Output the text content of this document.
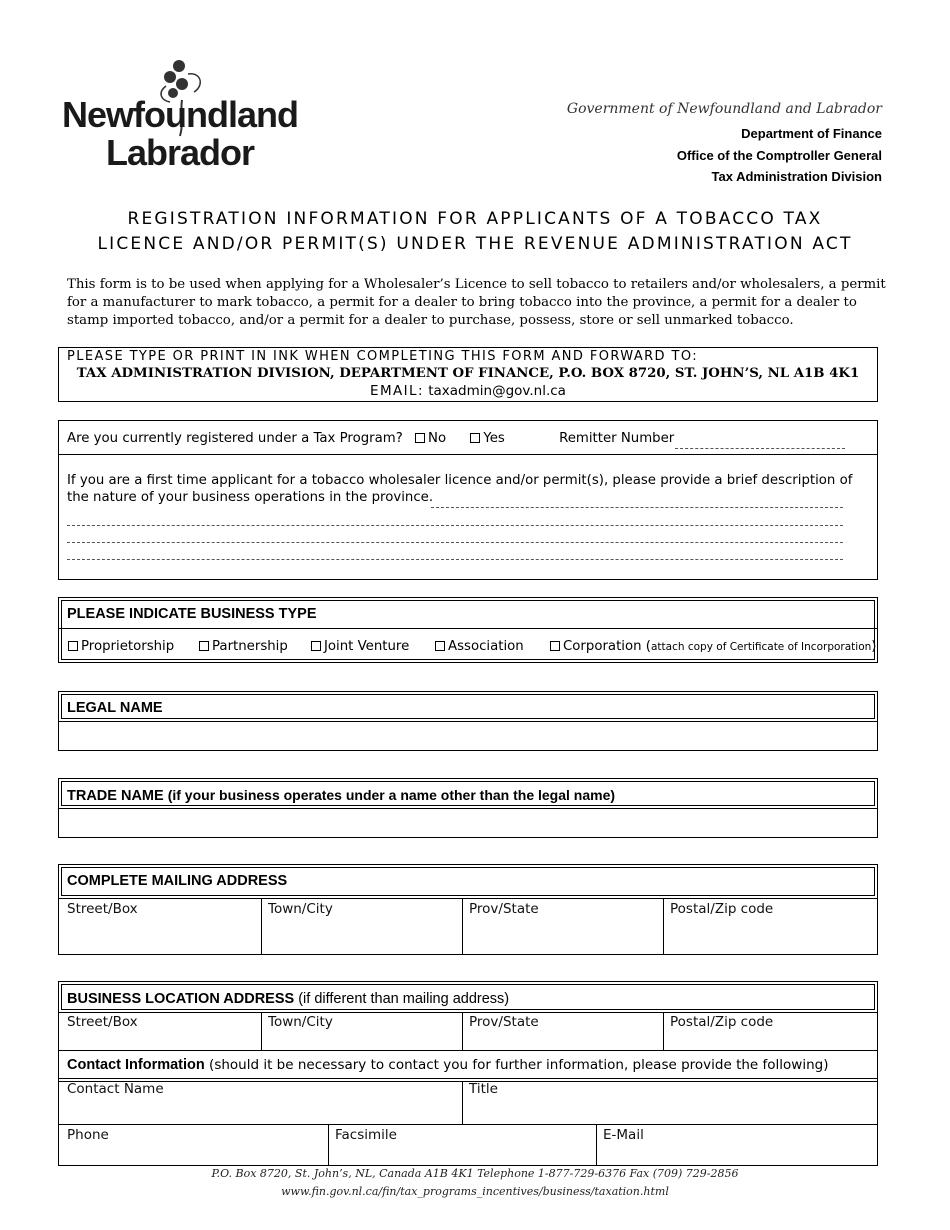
Newfoundland
Labrador
Government of Newfoundland and Labrador
Department of Finance
Office of the Comptroller General
Tax Administration Division
REGISTRATION INFORMATION FOR APPLICANTS OF A TOBACCO TAX
LICENCE AND/OR PERMIT(S) UNDER THE REVENUE ADMINISTRATION ACT
This form is to be used when applying for a Wholesaler’s Licence to sell tobacco to retailers and/or wholesalers, a permit for a manufacturer to mark tobacco, a permit for a dealer to bring tobacco into the province, a permit for a dealer to stamp imported tobacco, and/or a permit for a dealer to purchase, possess, store or sell unmarked tobacco.
PLEASE TYPE OR PRINT IN INK WHEN COMPLETING THIS FORM AND FORWARD TO:
TAX ADMINISTRATION DIVISION, DEPARTMENT OF FINANCE, P.O. BOX 8720, ST. JOHN’S, NL A1B 4K1
EMAIL: taxadmin@gov.nl.ca
Are you currently registered under a Tax Program? No	Yes	Remitter Number
If you are a first time applicant for a tobacco wholesaler licence and/or permit(s), please provide a brief description of
the nature of your business operations in the province.
PLEASE INDICATE BUSINESS TYPE
Proprietorship	Partnership	Joint Venture	Association	Corporation (attach copy of Certificate of Incorporation)
LEGAL NAME
TRADE NAME (if your business operates under a name other than the legal name)
COMPLETE MAILING ADDRESS
Street/Box	Town/City	Prov/State	Postal/Zip code
BUSINESS LOCATION ADDRESS (if different than mailing address)
Street/Box	Town/City	Prov/State	Postal/Zip code
Contact Information (should it be necessary to contact you for further information, please provide the following)
Contact Name	Title
Phone	Facsimile	E-Mail
P.O. Box 8720, St. John’s, NL, Canada A1B 4K1 Telephone 1-877-729-6376 Fax (709) 729-2856
www.fin.gov.nl.ca/fin/tax_programs_incentives/business/taxation.html
